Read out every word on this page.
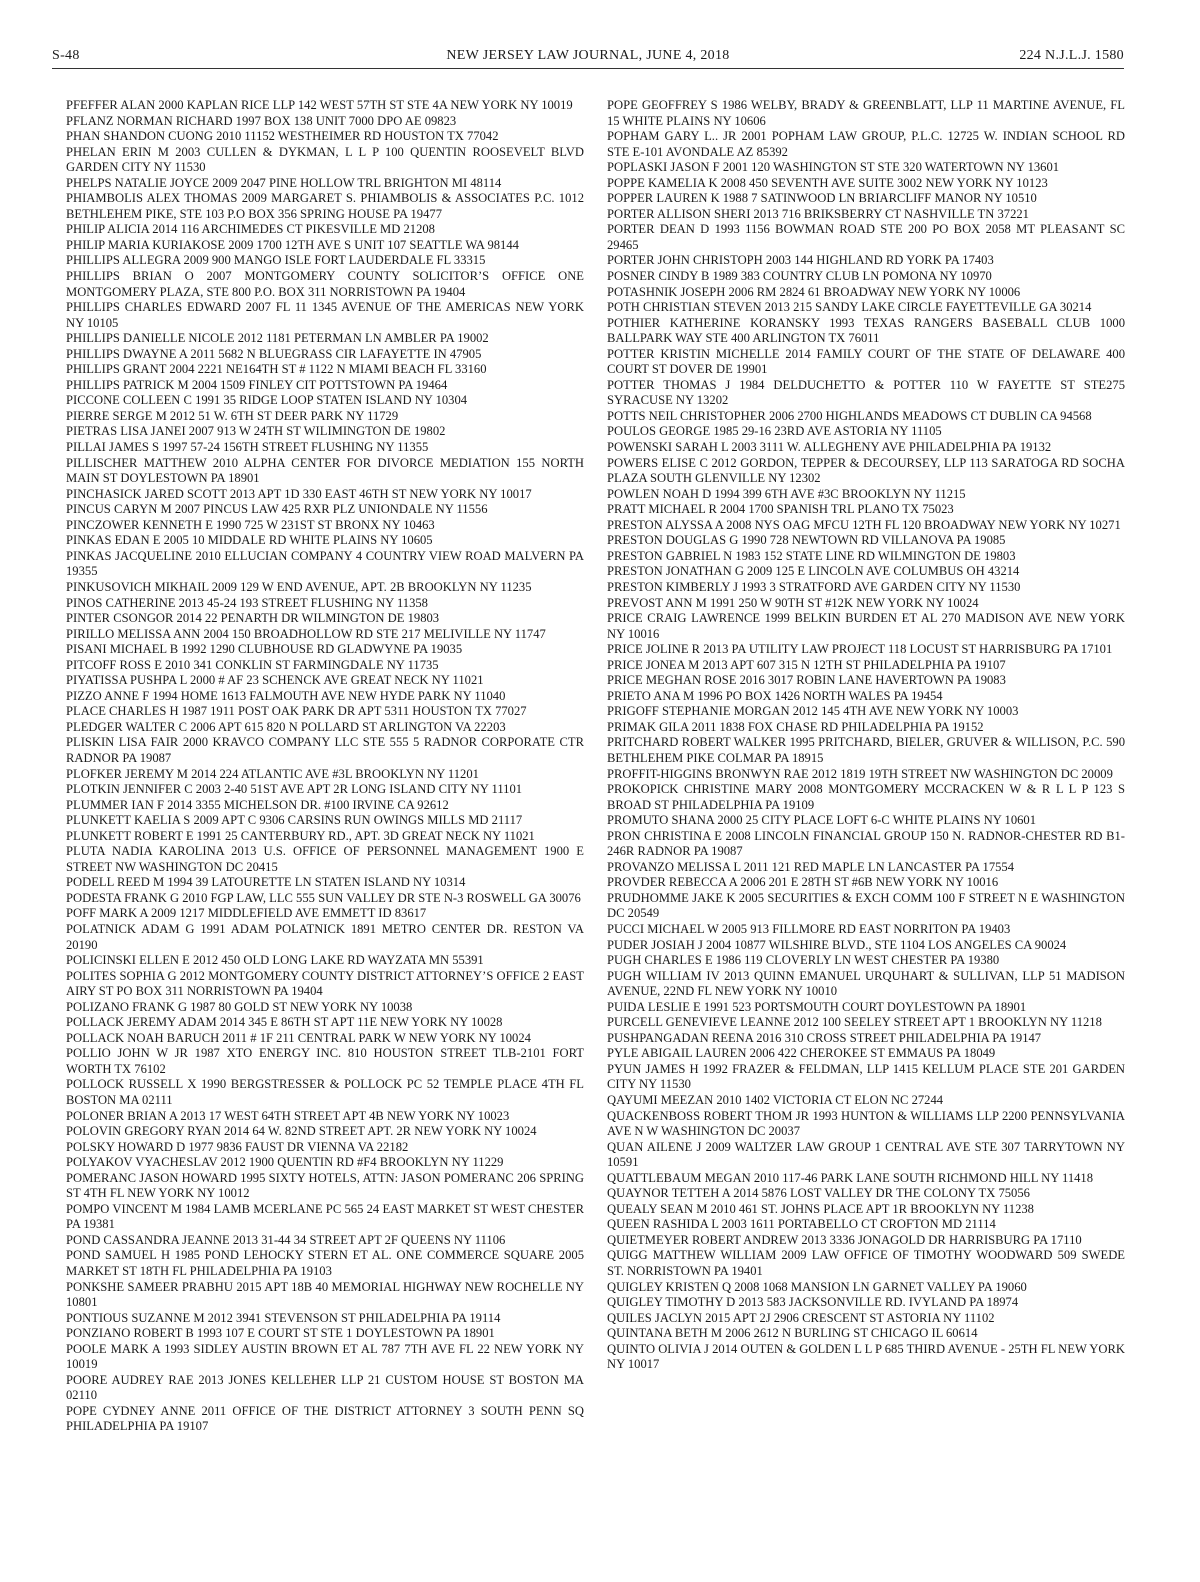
S-48	NEW JERSEY LAW JOURNAL, JUNE 4, 2018	224 N.J.L.J. 1580

PFEFFER ALAN 2000 KAPLAN RICE LLP 142 WEST 57TH ST STE 4A NEW YORK NY 10019

PFLANZ NORMAN RICHARD 1997 BOX 138 UNIT 7000 DPO AE 09823

PHAN SHANDON CUONG 2010 11152 WESTHEIMER RD HOUSTON TX 77042

PHELAN ERIN M 2003 CULLEN & DYKMAN, L L P 100 QUENTIN ROOSEVELT BLVD GARDEN CITY NY 11530

PHELPS NATALIE JOYCE 2009 2047 PINE HOLLOW TRL BRIGHTON MI 48114

PHIAMBOLIS ALEX THOMAS 2009 MARGARET S. PHIAMBOLIS & ASSOCIATES P.C. 1012 BETHLEHEM PIKE, STE 103 P.O BOX 356 SPRING HOUSE PA 19477

PHILIP ALICIA 2014 116 ARCHIMEDES CT PIKESVILLE MD 21208

PHILIP MARIA KURIAKOSE 2009 1700 12TH AVE S UNIT 107 SEATTLE WA 98144

PHILLIPS ALLEGRA 2009 900 MANGO ISLE FORT LAUDERDALE FL 33315

PHILLIPS BRIAN O 2007 MONTGOMERY COUNTY SOLICITOR’S OFFICE ONE MONTGOMERY PLAZA, STE 800 P.O. BOX 311 NORRISTOWN PA 19404

PHILLIPS CHARLES EDWARD 2007 FL 11 1345 AVENUE OF THE AMERICAS NEW YORK NY 10105

PHILLIPS DANIELLE NICOLE 2012 1181 PETERMAN LN AMBLER PA 19002

PHILLIPS DWAYNE A 2011 5682 N BLUEGRASS CIR LAFAYETTE IN 47905

PHILLIPS GRANT 2004 2221 NE164TH ST # 1122 N MIAMI BEACH FL 33160

PHILLIPS PATRICK M 2004 1509 FINLEY CIT POTTSTOWN PA 19464

PICCONE COLLEEN C 1991 35 RIDGE LOOP STATEN ISLAND NY 10304

PIERRE SERGE M 2012 51 W. 6TH ST DEER PARK NY 11729

PIETRAS LISA JANEI 2007 913 W 24TH ST WILIMINGTON DE 19802

PILLAI JAMES S 1997 57-24 156TH STREET FLUSHING NY 11355

PILLISCHER MATTHEW 2010 ALPHA CENTER FOR DIVORCE MEDIATION 155 NORTH MAIN ST DOYLESTOWN PA 18901

PINCHASICK JARED SCOTT 2013 APT 1D 330 EAST 46TH ST NEW YORK NY 10017

PINCUS CARYN M 2007 PINCUS LAW 425 RXR PLZ UNIONDALE NY 11556

PINCZOWER KENNETH E 1990 725 W 231ST ST BRONX NY 10463

PINKAS EDAN E 2005 10 MIDDALE RD WHITE PLAINS NY 10605

PINKAS JACQUELINE 2010 ELLUCIAN COMPANY 4 COUNTRY VIEW ROAD MALVERN PA 19355

PINKUSOVICH MIKHAIL 2009 129 W END AVENUE, APT. 2B BROOKLYN NY 11235

PINOS CATHERINE 2013 45-24 193 STREET FLUSHING NY 11358

PINTER CSONGOR 2014 22 PENARTH DR WILMINGTON DE 19803

PIRILLO MELISSA ANN 2004 150 BROADHOLLOW RD STE 217 MELIVILLE NY 11747

PISANI MICHAEL B 1992 1290 CLUBHOUSE RD GLADWYNE PA 19035

PITCOFF ROSS E 2010 341 CONKLIN ST FARMINGDALE NY 11735

PIYATISSA PUSHPA L 2000 # AF 23 SCHENCK AVE GREAT NECK NY 11021

PIZZO ANNE F 1994 HOME 1613 FALMOUTH AVE NEW HYDE PARK NY 11040

PLACE CHARLES H 1987 1911 POST OAK PARK DR APT 5311 HOUSTON TX 77027

PLEDGER WALTER C 2006 APT 615 820 N POLLARD ST ARLINGTON VA 22203

PLISKIN LISA FAIR 2000 KRAVCO COMPANY LLC STE 555 5 RADNOR CORPORATE CTR RADNOR PA 19087

PLOFKER JEREMY M 2014 224 ATLANTIC AVE #3L BROOKLYN NY 11201

PLOTKIN JENNIFER C 2003 2-40 51ST AVE APT 2R LONG ISLAND CITY NY 11101

PLUMMER IAN F 2014 3355 MICHELSON DR. #100 IRVINE CA 92612

PLUNKETT KAELIA S 2009 APT C 9306 CARSINS RUN OWINGS MILLS MD 21117

PLUNKETT ROBERT E 1991 25 CANTERBURY RD., APT. 3D GREAT NECK NY 11021

PLUTA NADIA KAROLINA 2013 U.S. OFFICE OF PERSONNEL MANAGEMENT 1900 E STREET NW WASHINGTON DC 20415

PODELL REED M 1994 39 LATOURETTE LN STATEN ISLAND NY 10314

PODESTA FRANK G 2010 FGP LAW, LLC 555 SUN VALLEY DR STE N-3 ROSWELL GA 30076

POFF MARK A 2009 1217 MIDDLEFIELD AVE EMMETT ID 83617

POLATNICK ADAM G 1991 ADAM POLATNICK 1891 METRO CENTER DR. RESTON VA 20190

POLICINSKI ELLEN E 2012 450 OLD LONG LAKE RD WAYZATA MN 55391

POLITES SOPHIA G 2012 MONTGOMERY COUNTY DISTRICT ATTORNEY’S OFFICE 2 EAST AIRY ST PO BOX 311 NORRISTOWN PA 19404

POLIZANO FRANK G 1987 80 GOLD ST NEW YORK NY 10038

POLLACK JEREMY ADAM 2014 345 E 86TH ST APT 11E NEW YORK NY 10028

POLLACK NOAH BARUCH 2011 # 1F 211 CENTRAL PARK W NEW YORK NY 10024

POLLIO JOHN W JR 1987 XTO ENERGY INC. 810 HOUSTON STREET TLB-2101 FORT WORTH TX 76102

POLLOCK RUSSELL X 1990 BERGSTRESSER & POLLOCK PC 52 TEMPLE PLACE 4TH FL BOSTON MA 02111

POLONER BRIAN A 2013 17 WEST 64TH STREET APT 4B NEW YORK NY 10023

POLOVIN GREGORY RYAN 2014 64 W. 82ND STREET APT. 2R NEW YORK NY 10024

POLSKY HOWARD D 1977 9836 FAUST DR VIENNA VA 22182

POLYAKOV VYACHESLAV 2012 1900 QUENTIN RD #F4 BROOKLYN NY 11229

POMERANC JASON HOWARD 1995 SIXTY HOTELS, ATTN: JASON POMERANC 206 SPRING ST 4TH FL NEW YORK NY 10012

POMPO VINCENT M 1984 LAMB MCERLANE PC 565 24 EAST MARKET ST WEST CHESTER PA 19381

POND CASSANDRA JEANNE 2013 31-44 34 STREET APT 2F QUEENS NY 11106

POND SAMUEL H 1985 POND LEHOCKY STERN ET AL. ONE COMMERCE SQUARE 2005 MARKET ST 18TH FL PHILADELPHIA PA 19103

PONKSHE SAMEER PRABHU 2015 APT 18B 40 MEMORIAL HIGHWAY NEW ROCHELLE NY 10801

PONTIOUS SUZANNE M 2012 3941 STEVENSON ST PHILADELPHIA PA 19114

PONZIANO ROBERT B 1993 107 E COURT ST STE 1 DOYLESTOWN PA 18901

POOLE MARK A 1993 SIDLEY AUSTIN BROWN ET AL 787 7TH AVE FL 22 NEW YORK NY 10019

POORE AUDREY RAE 2013 JONES KELLEHER LLP 21 CUSTOM HOUSE ST BOSTON MA 02110

POPE CYDNEY ANNE 2011 OFFICE OF THE DISTRICT ATTORNEY 3 SOUTH PENN SQ PHILADELPHIA PA 19107

POPE GEOFFREY S 1986 WELBY, BRADY & GREENBLATT, LLP 11 MARTINE AVENUE, FL 15 WHITE PLAINS NY 10606

POPHAM GARY L.. JR 2001 POPHAM LAW GROUP, P.L.C. 12725 W. INDIAN SCHOOL RD STE E-101 AVONDALE AZ 85392

POPLASKI JASON F 2001 120 WASHINGTON ST STE 320 WATERTOWN NY 13601

POPPE KAMELIA K 2008 450 SEVENTH AVE SUITE 3002 NEW YORK NY 10123

POPPER LAUREN K 1988 7 SATINWOOD LN BRIARCLIFF MANOR NY 10510

PORTER ALLISON SHERI 2013 716 BRIKSBERRY CT NASHVILLE TN 37221

PORTER DEAN D 1993 1156 BOWMAN ROAD STE 200 PO BOX 2058 MT PLEASANT SC 29465

PORTER JOHN CHRISTOPH 2003 144 HIGHLAND RD YORK PA 17403

POSNER CINDY B 1989 383 COUNTRY CLUB LN POMONA NY 10970

POTASHNIK JOSEPH 2006 RM 2824 61 BROADWAY NEW YORK NY 10006

POTH CHRISTIAN STEVEN 2013 215 SANDY LAKE CIRCLE FAYETTEVILLE GA 30214

POTHIER KATHERINE KORANSKY 1993 TEXAS RANGERS BASEBALL CLUB 1000 BALLPARK WAY STE 400 ARLINGTON TX 76011

POTTER KRISTIN MICHELLE 2014 FAMILY COURT OF THE STATE OF DELAWARE 400 COURT ST DOVER DE 19901

POTTER THOMAS J 1984 DELDUCHETTO & POTTER 110 W FAYETTE ST STE275 SYRACUSE NY 13202

POTTS NEIL CHRISTOPHER 2006 2700 HIGHLANDS MEADOWS CT DUBLIN CA 94568

POULOS GEORGE 1985 29-16 23RD AVE ASTORIA NY 11105

POWENSKI SARAH L 2003 3111 W. ALLEGHENY AVE PHILADELPHIA PA 19132

POWERS ELISE C 2012 GORDON, TEPPER & DECOURSEY, LLP 113 SARATOGA RD SOCHA PLAZA SOUTH GLENVILLE NY 12302

POWLEN NOAH D 1994 399 6TH AVE #3C BROOKLYN NY 11215

PRATT MICHAEL R 2004 1700 SPANISH TRL PLANO TX 75023

PRESTON ALYSSA A 2008 NYS OAG MFCU 12TH FL 120 BROADWAY NEW YORK NY 10271

PRESTON DOUGLAS G 1990 728 NEWTOWN RD VILLANOVA PA 19085

PRESTON GABRIEL N 1983 152 STATE LINE RD WILMINGTON DE 19803

PRESTON JONATHAN G 2009 125 E LINCOLN AVE COLUMBUS OH 43214

PRESTON KIMBERLY J 1993 3 STRATFORD AVE GARDEN CITY NY 11530

PREVOST ANN M 1991 250 W 90TH ST #12K NEW YORK NY 10024

PRICE CRAIG LAWRENCE 1999 BELKIN BURDEN ET AL 270 MADISON AVE NEW YORK NY 10016

PRICE JOLINE R 2013 PA UTILITY LAW PROJECT 118 LOCUST ST HARRISBURG PA 17101

PRICE JONEA M 2013 APT 607 315 N 12TH ST PHILADELPHIA PA 19107

PRICE MEGHAN ROSE 2016 3017 ROBIN LANE HAVERTOWN PA 19083

PRIETO ANA M 1996 PO BOX 1426 NORTH WALES PA 19454

PRIGOFF STEPHANIE MORGAN 2012 145 4TH AVE NEW YORK NY 10003

PRIMAK GILA 2011 1838 FOX CHASE RD PHILADELPHIA PA 19152

PRITCHARD ROBERT WALKER 1995 PRITCHARD, BIELER, GRUVER & WILLISON, P.C. 590 BETHLEHEM PIKE COLMAR PA 18915

PROFFIT-HIGGINS BRONWYN RAE 2012 1819 19TH STREET NW WASHINGTON DC 20009

PROKOPICK CHRISTINE MARY 2008 MONTGOMERY MCCRACKEN W & R L L P 123 S BROAD ST PHILADELPHIA PA 19109

PROMUTO SHANA 2000 25 CITY PLACE LOFT 6-C WHITE PLAINS NY 10601

PRON CHRISTINA E 2008 LINCOLN FINANCIAL GROUP 150 N. RADNOR-CHESTER RD B1-246R RADNOR PA 19087

PROVANZO MELISSA L 2011 121 RED MAPLE LN LANCASTER PA 17554

PROVDER REBECCA A 2006 201 E 28TH ST #6B NEW YORK NY 10016

PRUDHOMME JAKE K 2005 SECURITIES & EXCH COMM 100 F STREET N E WASHINGTON DC 20549

PUCCI MICHAEL W 2005 913 FILLMORE RD EAST NORRITON PA 19403

PUDER JOSIAH J 2004 10877 WILSHIRE BLVD., STE 1104 LOS ANGELES CA 90024

PUGH CHARLES E 1986 119 CLOVERLY LN WEST CHESTER PA 19380

PUGH WILLIAM IV 2013 QUINN EMANUEL URQUHART & SULLIVAN, LLP 51 MADISON AVENUE, 22ND FL NEW YORK NY 10010

PUIDA LESLIE E 1991 523 PORTSMOUTH COURT DOYLESTOWN PA 18901

PURCELL GENEVIEVE LEANNE 2012 100 SEELEY STREET APT 1 BROOKLYN NY 11218

PUSHPANGADAN REENA 2016 310 CROSS STREET PHILADELPHIA PA 19147

PYLE ABIGAIL LAUREN 2006 422 CHEROKEE ST EMMAUS PA 18049

PYUN JAMES H 1992 FRAZER & FELDMAN, LLP 1415 KELLUM PLACE STE 201 GARDEN CITY NY 11530

QAYUMI MEEZAN 2010 1402 VICTORIA CT ELON NC 27244

QUACKENBOSS ROBERT THOM JR 1993 HUNTON & WILLIAMS LLP 2200 PENNSYLVANIA AVE N W WASHINGTON DC 20037

QUAN AILENE J 2009 WALTZER LAW GROUP 1 CENTRAL AVE STE 307 TARRYTOWN NY 10591

QUATTLEBAUM MEGAN 2010 117-46 PARK LANE SOUTH RICHMOND HILL NY 11418

QUAYNOR TETTEH A 2014 5876 LOST VALLEY DR THE COLONY TX 75056

QUEALY SEAN M 2010 461 ST. JOHNS PLACE APT 1R BROOKLYN NY 11238

QUEEN RASHIDA L 2003 1611 PORTABELLO CT CROFTON MD 21114

QUIETMEYER ROBERT ANDREW 2013 3336 JONAGOLD DR HARRISBURG PA 17110

QUIGG MATTHEW WILLIAM 2009 LAW OFFICE OF TIMOTHY WOODWARD 509 SWEDE ST. NORRISTOWN PA 19401

QUIGLEY KRISTEN Q 2008 1068 MANSION LN GARNET VALLEY PA 19060

QUIGLEY TIMOTHY D 2013 583 JACKSONVILLE RD. IVYLAND PA 18974

QUILES JACLYN 2015 APT 2J 2906 CRESCENT ST ASTORIA NY 11102

QUINTANA BETH M 2006 2612 N BURLING ST CHICAGO IL 60614

QUINTO OLIVIA J 2014 OUTEN & GOLDEN L L P 685 THIRD AVENUE - 25TH FL NEW YORK NY 10017
